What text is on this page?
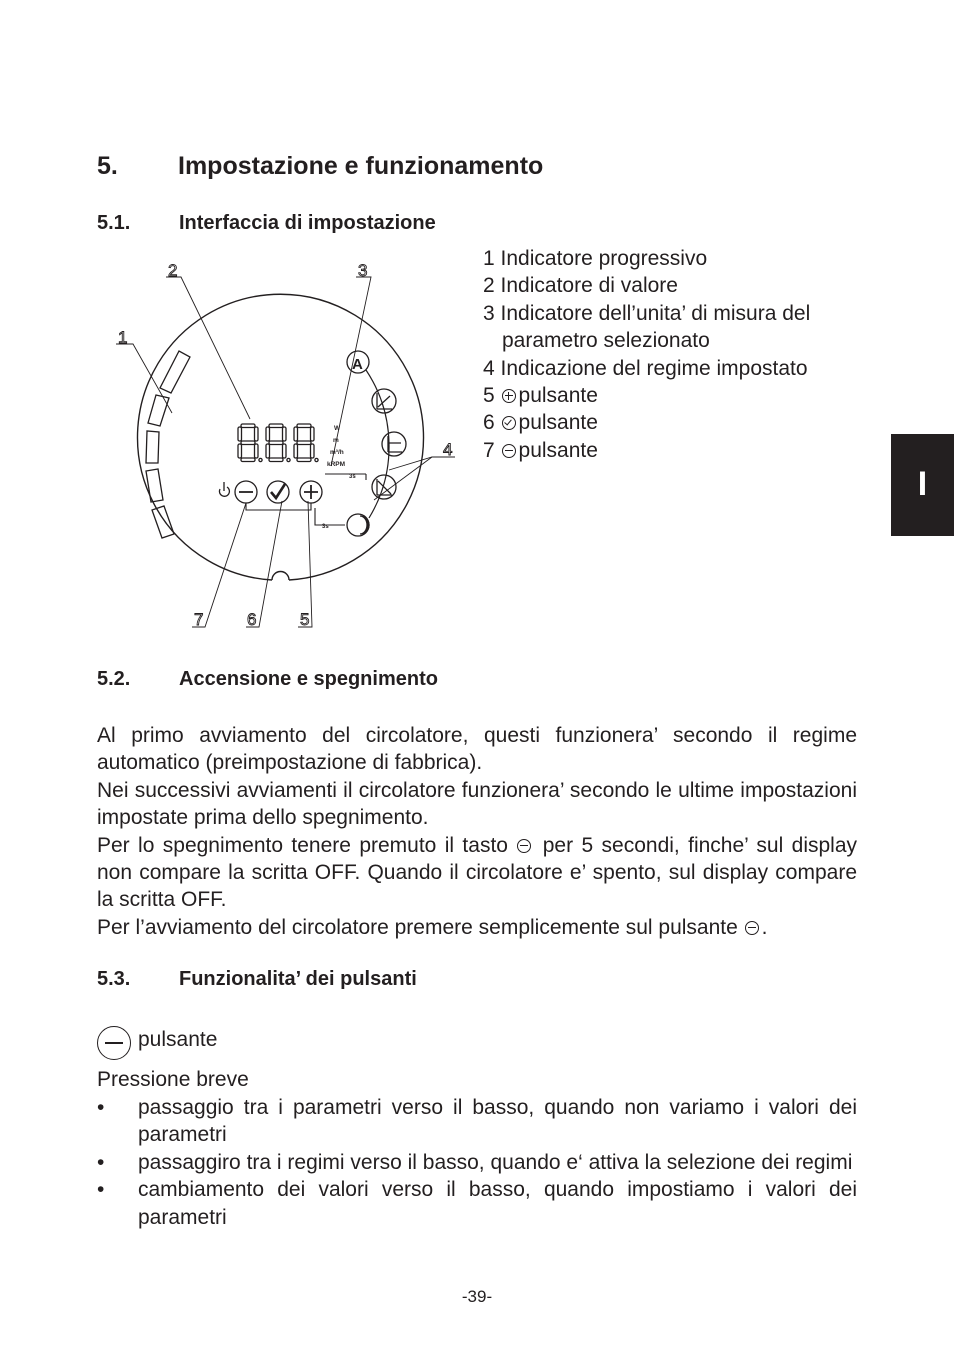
5. Impostazione e funzionamento
5.1. Interfaccia di impostazione
W
m
m³/h
kRPM
A
3s
3s
1
2	3
4
5
6
7
1 Indicatore progressivo
2 Indicatore di valore
3 Indicatore dell’unita’ di misura del
parametro selezionato
4 Indicazione del regime impostato
5 pulsante
6 pulsante
7 pulsante
I
5.2. Accensione e spegnimento

Al primo avviamento del circolatore, questi funzionera’ secondo il regime automatico (preimpostazione di fabbrica).

Nei successivi avviamenti il circolatore funzionera’ secondo le ultime impostazioni impostate prima dello spegnimento.

Per lo spegnimento tenere premuto il tasto per 5 secondi, finche’ sul display non compare la scritta OFF. Quando il circolatore e’ spento, sul display compare la scritta OFF.

Per l’avviamento del circolatore premere semplicemente sul pulsante .

5.3. Funzionalita’ dei pulsanti
pulsante
Pressione breve
• passaggio tra i parametri verso il basso, quando non variamo i valori dei parametri
• passaggiro tra i regimi verso il basso, quando e‘ attiva la selezione dei regimi
• cambiamento dei valori verso il basso, quando impostiamo i valori dei parametri
-39-
